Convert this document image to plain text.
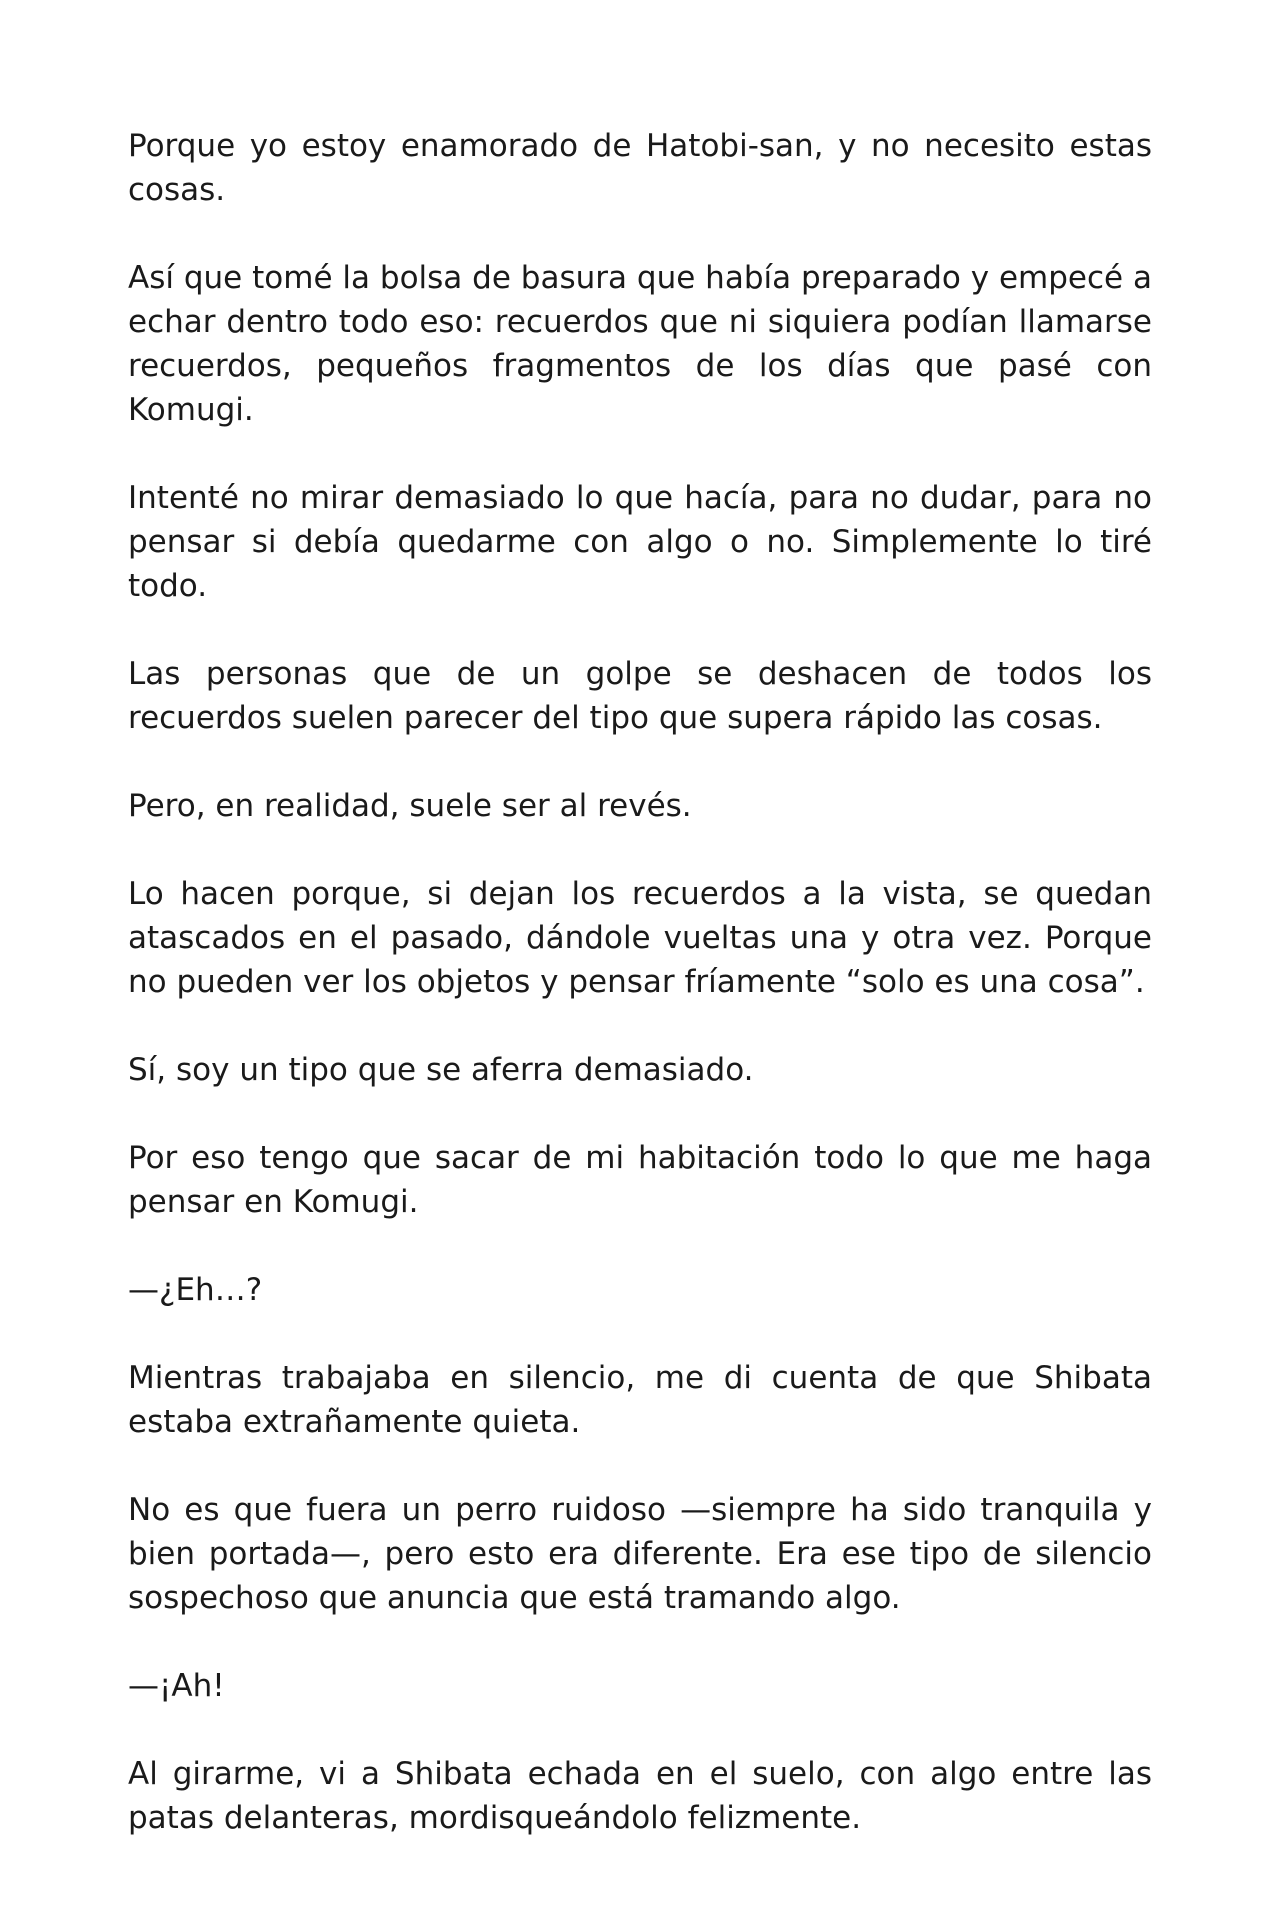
Porque yo estoy enamorado de Hatobi-san, y no necesito estas cosas.

Así que tomé la bolsa de basura que había preparado y empecé a echar dentro todo eso: recuerdos que ni siquiera podían llamarse recuerdos, pequeños fragmentos de los días que pasé con Komugi.

Intenté no mirar demasiado lo que hacía, para no dudar, para no pensar si debía quedarme con algo o no. Simplemente lo tiré todo.

Las personas que de un golpe se deshacen de todos los recuerdos suelen parecer del tipo que supera rápido las cosas.

Pero, en realidad, suele ser al revés.

Lo hacen porque, si dejan los recuerdos a la vista, se quedan atascados en el pasado, dándole vueltas una y otra vez. Porque no pueden ver los objetos y pensar fríamente “solo es una cosa”.

Sí, soy un tipo que se aferra demasiado.

Por eso tengo que sacar de mi habitación todo lo que me haga pensar en Komugi.

—¿Eh…?

Mientras trabajaba en silencio, me di cuenta de que Shibata estaba extrañamente quieta.

No es que fuera un perro ruidoso —siempre ha sido tranquila y bien portada—, pero esto era diferente. Era ese tipo de silencio sospechoso que anuncia que está tramando algo.

—¡Ah!

Al girarme, vi a Shibata echada en el suelo, con algo entre las patas delanteras, mordisqueándolo felizmente.
